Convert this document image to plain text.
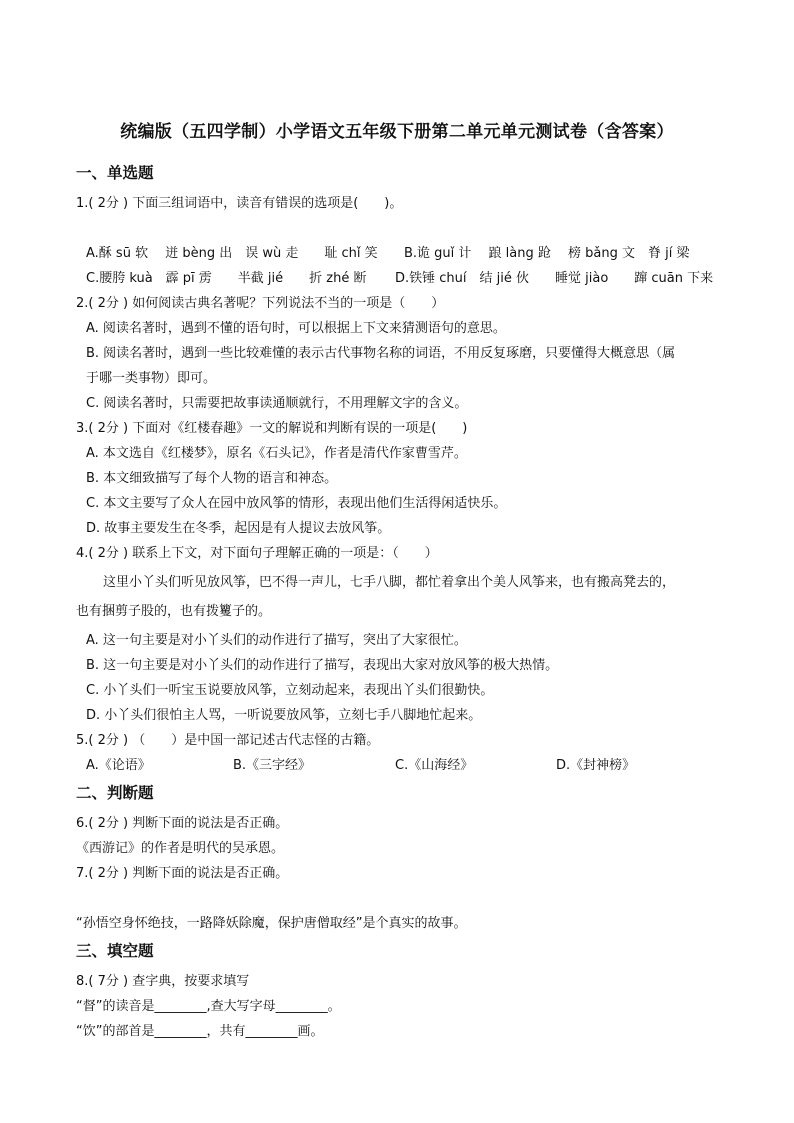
统编版（五四学制）小学语文五年级下册第二单元单元测试卷（含答案）
一、单选题
1.( 2分 ) 下面三组词语中，读音有错误的选项是(　　)。
A.酥 sū 软　 迸 bèng 出　误 wù 走　　耻 chǐ 笑 B.诡 guǐ 计　 踉 làng 跄　 榜 bǎng 文　脊 jí 梁
C.腰胯 kuà　霹 pī 雳　　半截 jié　　折 zhé 断 D.铁锤 chuí　结 jié 伙　　睡觉 jiào　　蹿 cuān 下来
2.( 2分 ) 如何阅读古典名著呢？下列说法不当的一项是（　　）
A. 阅读名著时，遇到不懂的语句时，可以根据上下文来猜测语句的意思。
B. 阅读名著时，遇到一些比较难懂的表示古代事物名称的词语，不用反复琢磨，只要懂得大概意思（属
于哪一类事物）即可。
C. 阅读名著时，只需要把故事读通顺就行，不用理解文字的含义。
3.( 2分 ) 下面对《红楼春趣》一文的解说和判断有误的一项是(　　)
A. 本文选自《红楼梦》，原名《石头记》，作者是清代作家曹雪芹。
B. 本文细致描写了每个人物的语言和神态。
C. 本文主要写了众人在园中放风筝的情形，表现出他们生活得闲适快乐。
D. 故事主要发生在冬季，起因是有人提议去放风筝。
4.( 2分 ) 联系上下文，对下面句子理解正确的一项是：（　　）
这里小丫头们听见放风筝，巴不得一声儿，七手八脚，都忙着拿出个美人风筝来，也有搬高凳去的，
也有捆剪子股的，也有拨籰子的。
A. 这一句主要是对小丫头们的动作进行了描写，突出了大家很忙。
B. 这一句主要是对小丫头们的动作进行了描写，表现出大家对放风筝的极大热情。
C. 小丫头们一听宝玉说要放风筝，立刻动起来，表现出丫头们很勤快。
D. 小丫头们很怕主人骂，一听说要放风筝，立刻七手八脚地忙起来。
5.( 2分 ) （　　）是中国一部记述古代志怪的古籍。
A.《论语》	B.《三字经》	C.《山海经》	D.《封神榜》
二、判断题
6.( 2分 ) 判断下面的说法是否正确。
《西游记》的作者是明代的吴承恩。
7.( 2分 ) 判断下面的说法是否正确。
“孙悟空身怀绝技，一路降妖除魔，保护唐僧取经”是个真实的故事。
三、填空题
8.( 7分 ) 查字典，按要求填写
“督”的读音是________,查大写字母________。
“饮”的部首是________，共有________画。
